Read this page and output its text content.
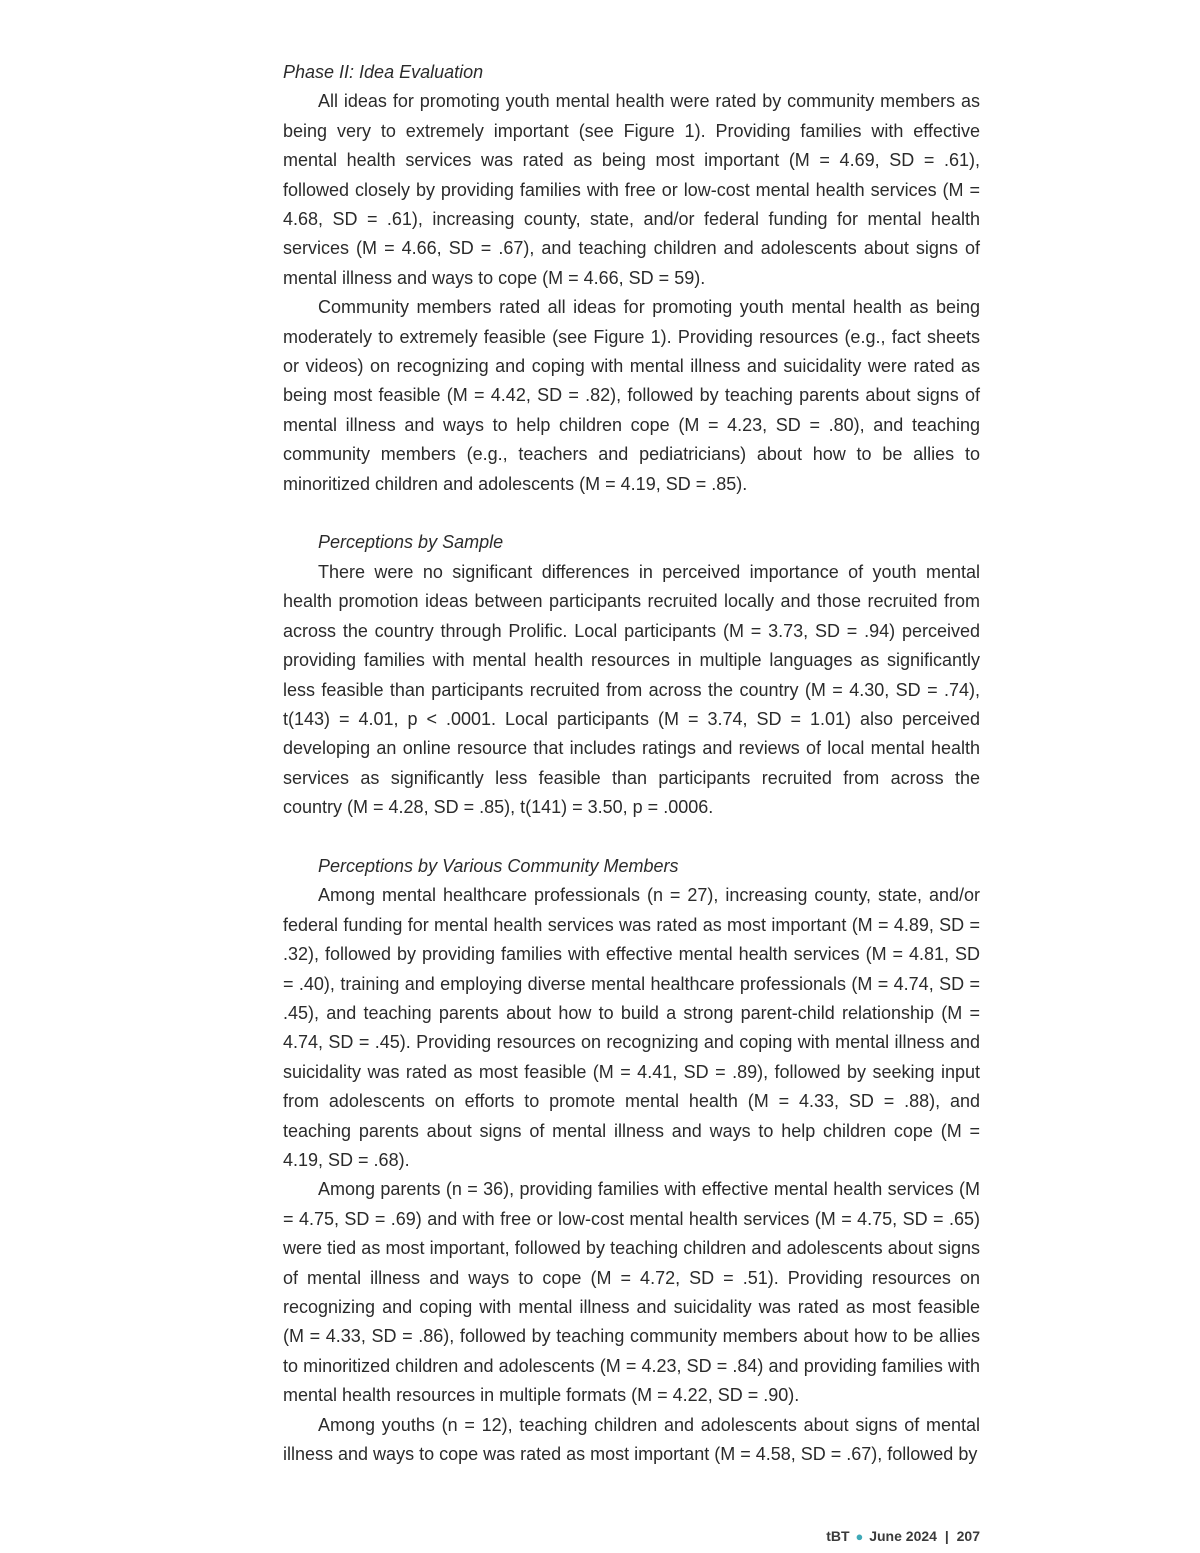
Phase II: Idea Evaluation

All ideas for promoting youth mental health were rated by community members as being very to extremely important (see Figure 1). Providing families with effective mental health services was rated as being most important (M = 4.69, SD = .61), followed closely by providing families with free or low-cost mental health services (M = 4.68, SD = .61), increasing county, state, and/or federal funding for mental health services (M = 4.66, SD = .67), and teaching children and adolescents about signs of mental illness and ways to cope (M = 4.66, SD = 59).

Community members rated all ideas for promoting youth mental health as being moderately to extremely feasible (see Figure 1). Providing resources (e.g., fact sheets or videos) on recognizing and coping with mental illness and suicidality were rated as being most feasible (M = 4.42, SD = .82), followed by teaching parents about signs of mental illness and ways to help children cope (M = 4.23, SD = .80), and teaching community members (e.g., teachers and pediatricians) about how to be allies to minoritized children and adolescents (M = 4.19, SD = .85).

Perceptions by Sample

There were no significant differences in perceived importance of youth mental health promotion ideas between participants recruited locally and those recruited from across the country through Prolific. Local participants (M = 3.73, SD = .94) perceived providing families with mental health resources in multiple languages as significantly less feasible than participants recruited from across the country (M = 4.30, SD = .74), t(143) = 4.01, p < .0001. Local participants (M = 3.74, SD = 1.01) also perceived developing an online resource that includes ratings and reviews of local mental health services as significantly less feasible than participants recruited from across the country (M = 4.28, SD = .85), t(141) = 3.50, p = .0006.

Perceptions by Various Community Members

Among mental healthcare professionals (n = 27), increasing county, state, and/or federal funding for mental health services was rated as most important (M = 4.89, SD = .32), followed by providing families with effective mental health services (M = 4.81, SD = .40), training and employing diverse mental healthcare professionals (M = 4.74, SD = .45), and teaching parents about how to build a strong parent-child relationship (M = 4.74, SD = .45). Providing resources on recognizing and coping with mental illness and suicidality was rated as most feasible (M = 4.41, SD = .89), followed by seeking input from adolescents on efforts to promote mental health (M = 4.33, SD = .88), and teaching parents about signs of mental illness and ways to help children cope (M = 4.19, SD = .68).

Among parents (n = 36), providing families with effective mental health services (M = 4.75, SD = .69) and with free or low-cost mental health services (M = 4.75, SD = .65) were tied as most important, followed by teaching children and adolescents about signs of mental illness and ways to cope (M = 4.72, SD = .51). Providing resources on recognizing and coping with mental illness and suicidality was rated as most feasible (M = 4.33, SD = .86), followed by teaching community members about how to be allies to minoritized children and adolescents (M = 4.23, SD = .84) and providing families with mental health resources in multiple formats (M = 4.22, SD = .90).

Among youths (n = 12), teaching children and adolescents about signs of mental illness and ways to cope was rated as most important (M = 4.58, SD = .67), followed by

tBT ● June 2024 | 207
